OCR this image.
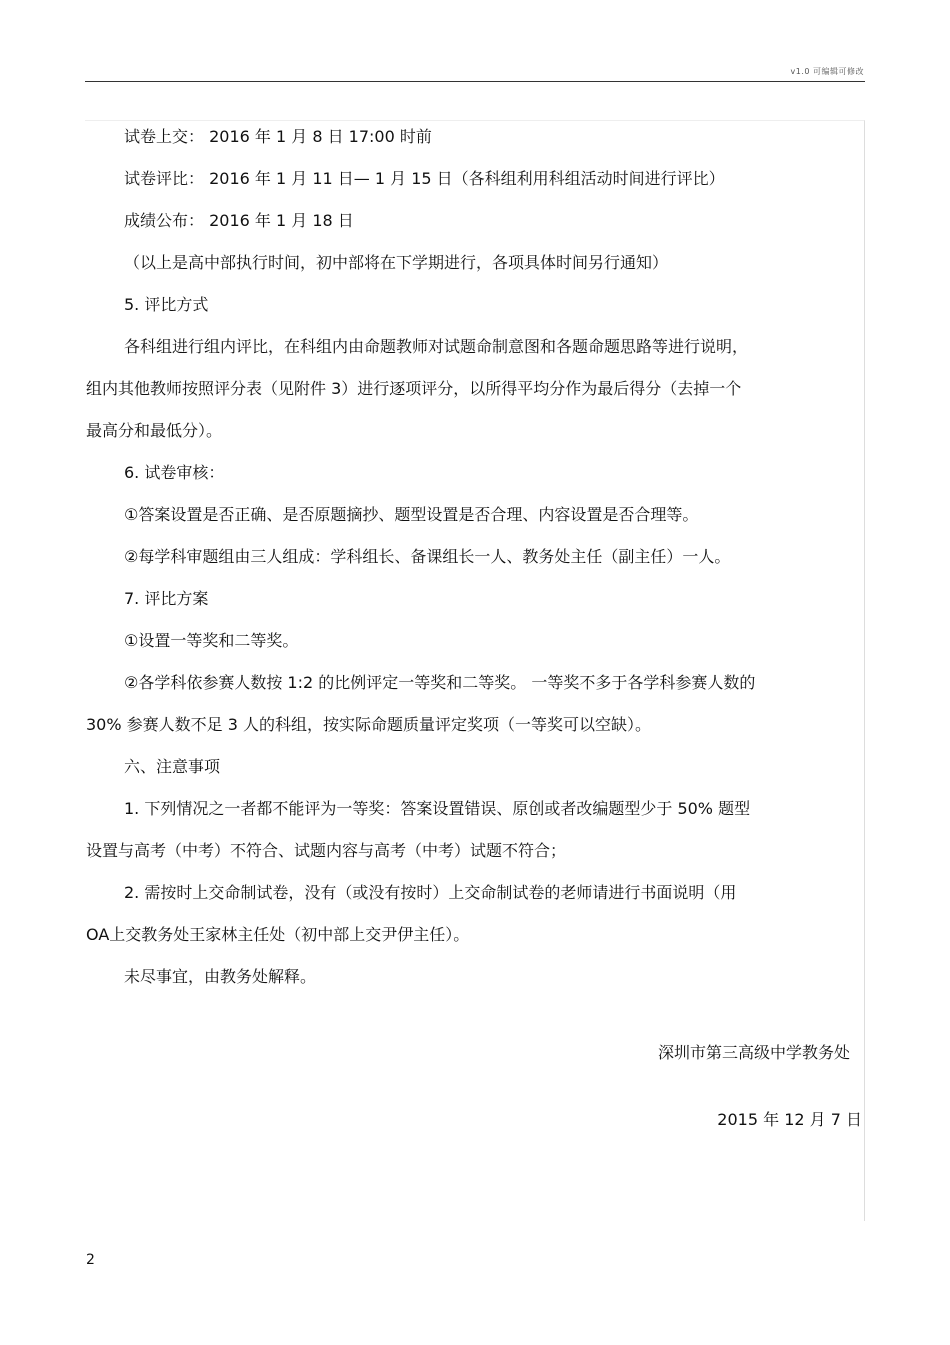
v1.0 可编辑可修改
试卷上交： 2016 年 1 月 8 日 17:00 时前
试卷评比： 2016 年 1 月 11 日— 1 月 15 日（各科组利用科组活动时间进行评比）
成绩公布： 2016 年 1 月 18 日
（以上是高中部执行时间，初中部将在下学期进行，各项具体时间另行通知）
5. 评比方式
各科组进行组内评比，在科组内由命题教师对试题命制意图和各题命题思路等进行说明，
组内其他教师按照评分表（见附件 3）进行逐项评分，以所得平均分作为最后得分（去掉一个
最高分和最低分）。
6. 试卷审核：
①答案设置是否正确、是否原题摘抄、题型设置是否合理、内容设置是否合理等。
②每学科审题组由三人组成：学科组长、备课组长一人、教务处主任（副主任）一人。
7. 评比方案
①设置一等奖和二等奖。
②各学科依参赛人数按 1:2 的比例评定一等奖和二等奖。 一等奖不多于各学科参赛人数的
30% 参赛人数不足 3 人的科组，按实际命题质量评定奖项（一等奖可以空缺）。
六、注意事项
1. 下列情况之一者都不能评为一等奖：答案设置错误、原创或者改编题型少于 50% 题型
设置与高考（中考）不符合、试题内容与高考（中考）试题不符合；
2. 需按时上交命制试卷，没有（或没有按时）上交命制试卷的老师请进行书面说明（用
OA上交教务处王家林主任处（初中部上交尹伊主任）。
未尽事宜，由教务处解释。
深圳市第三高级中学教务处
2015 年 12 月 7 日
2
